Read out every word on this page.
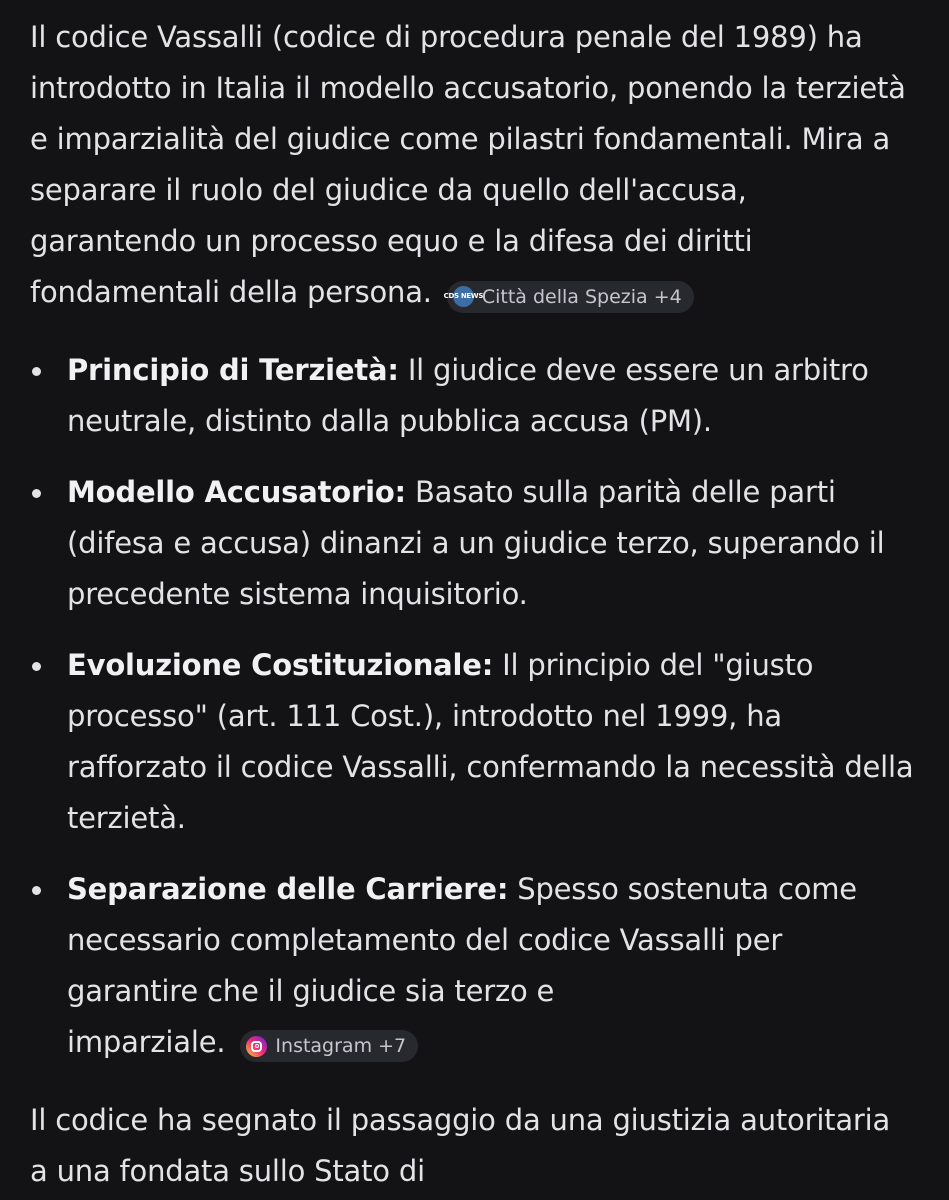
Il codice Vassalli (codice di procedura penale del 1989) ha introdotto in Italia il modello accusatorio, ponendo la terzietà e imparzialità del giudice come pilastri fondamentali. Mira a separare il ruolo del giudice da quello dell'accusa, garantendo un processo equo e la difesa dei diritti fondamentali della persona. CDS NEWS
Città della Spezia +4

Principio di Terzietà: Il giudice deve essere un arbitro neutrale, distinto dalla pubblica accusa (PM).
Modello Accusatorio: Basato sulla parità delle parti (difesa e accusa) dinanzi a un giudice terzo, superando il precedente sistema inquisitorio.
Evoluzione Costituzionale: Il principio del "giusto processo" (art. 111 Cost.), introdotto nel 1999, ha rafforzato il codice Vassalli, confermando la necessità della terzietà.
Separazione delle Carriere: Spesso sostenuta come necessario completamento del codice Vassalli per garantire che il giudice sia terzo e
imparziale.	Instagram +7

Il codice ha segnato il passaggio da una giustizia autoritaria a una fondata sullo Stato di
